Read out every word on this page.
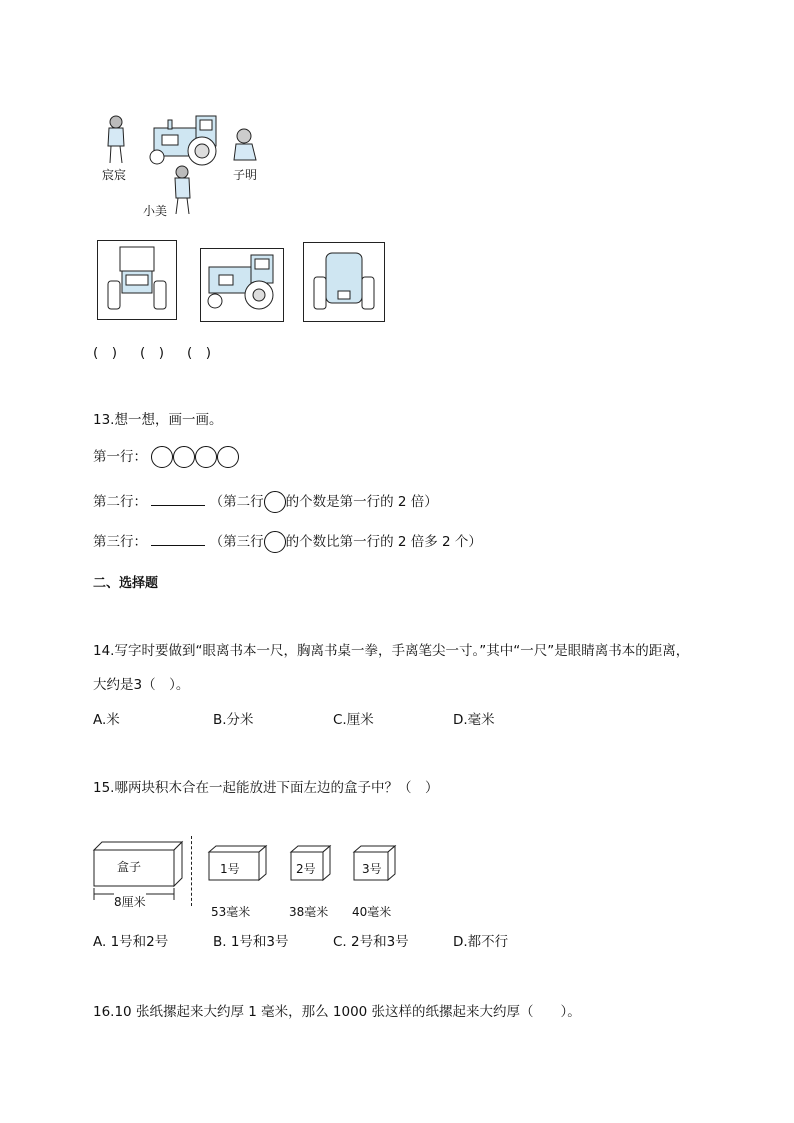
宸宸	子明
小美
(　) (　) (　)
13.想一想，画一画。
第一行：
第二行：	（第二行 的个数是第一行的 2 倍）
第三行：	（第三行 的个数比第一行的 2 倍多 2 个）
二、选择题
14.写字时要做到“眼离书本一尺，胸离书桌一拳，手离笔尖一寸。”其中“一尺”是眼睛离书本的距离，
大约是3（　）。
A.米	B.分米	C.厘米	D.毫米
15.哪两块积木合在一起能放进下面左边的盒子中？（　）
盒子
8厘米
1号
53毫米
2号
38毫米
3号
40毫米
A. 1号和2号	B. 1号和3号	C. 2号和3号	D.都不行
16.10 张纸摞起来大约厚 1 毫米，那么 1000 张这样的纸摞起来大约厚（　　）。
